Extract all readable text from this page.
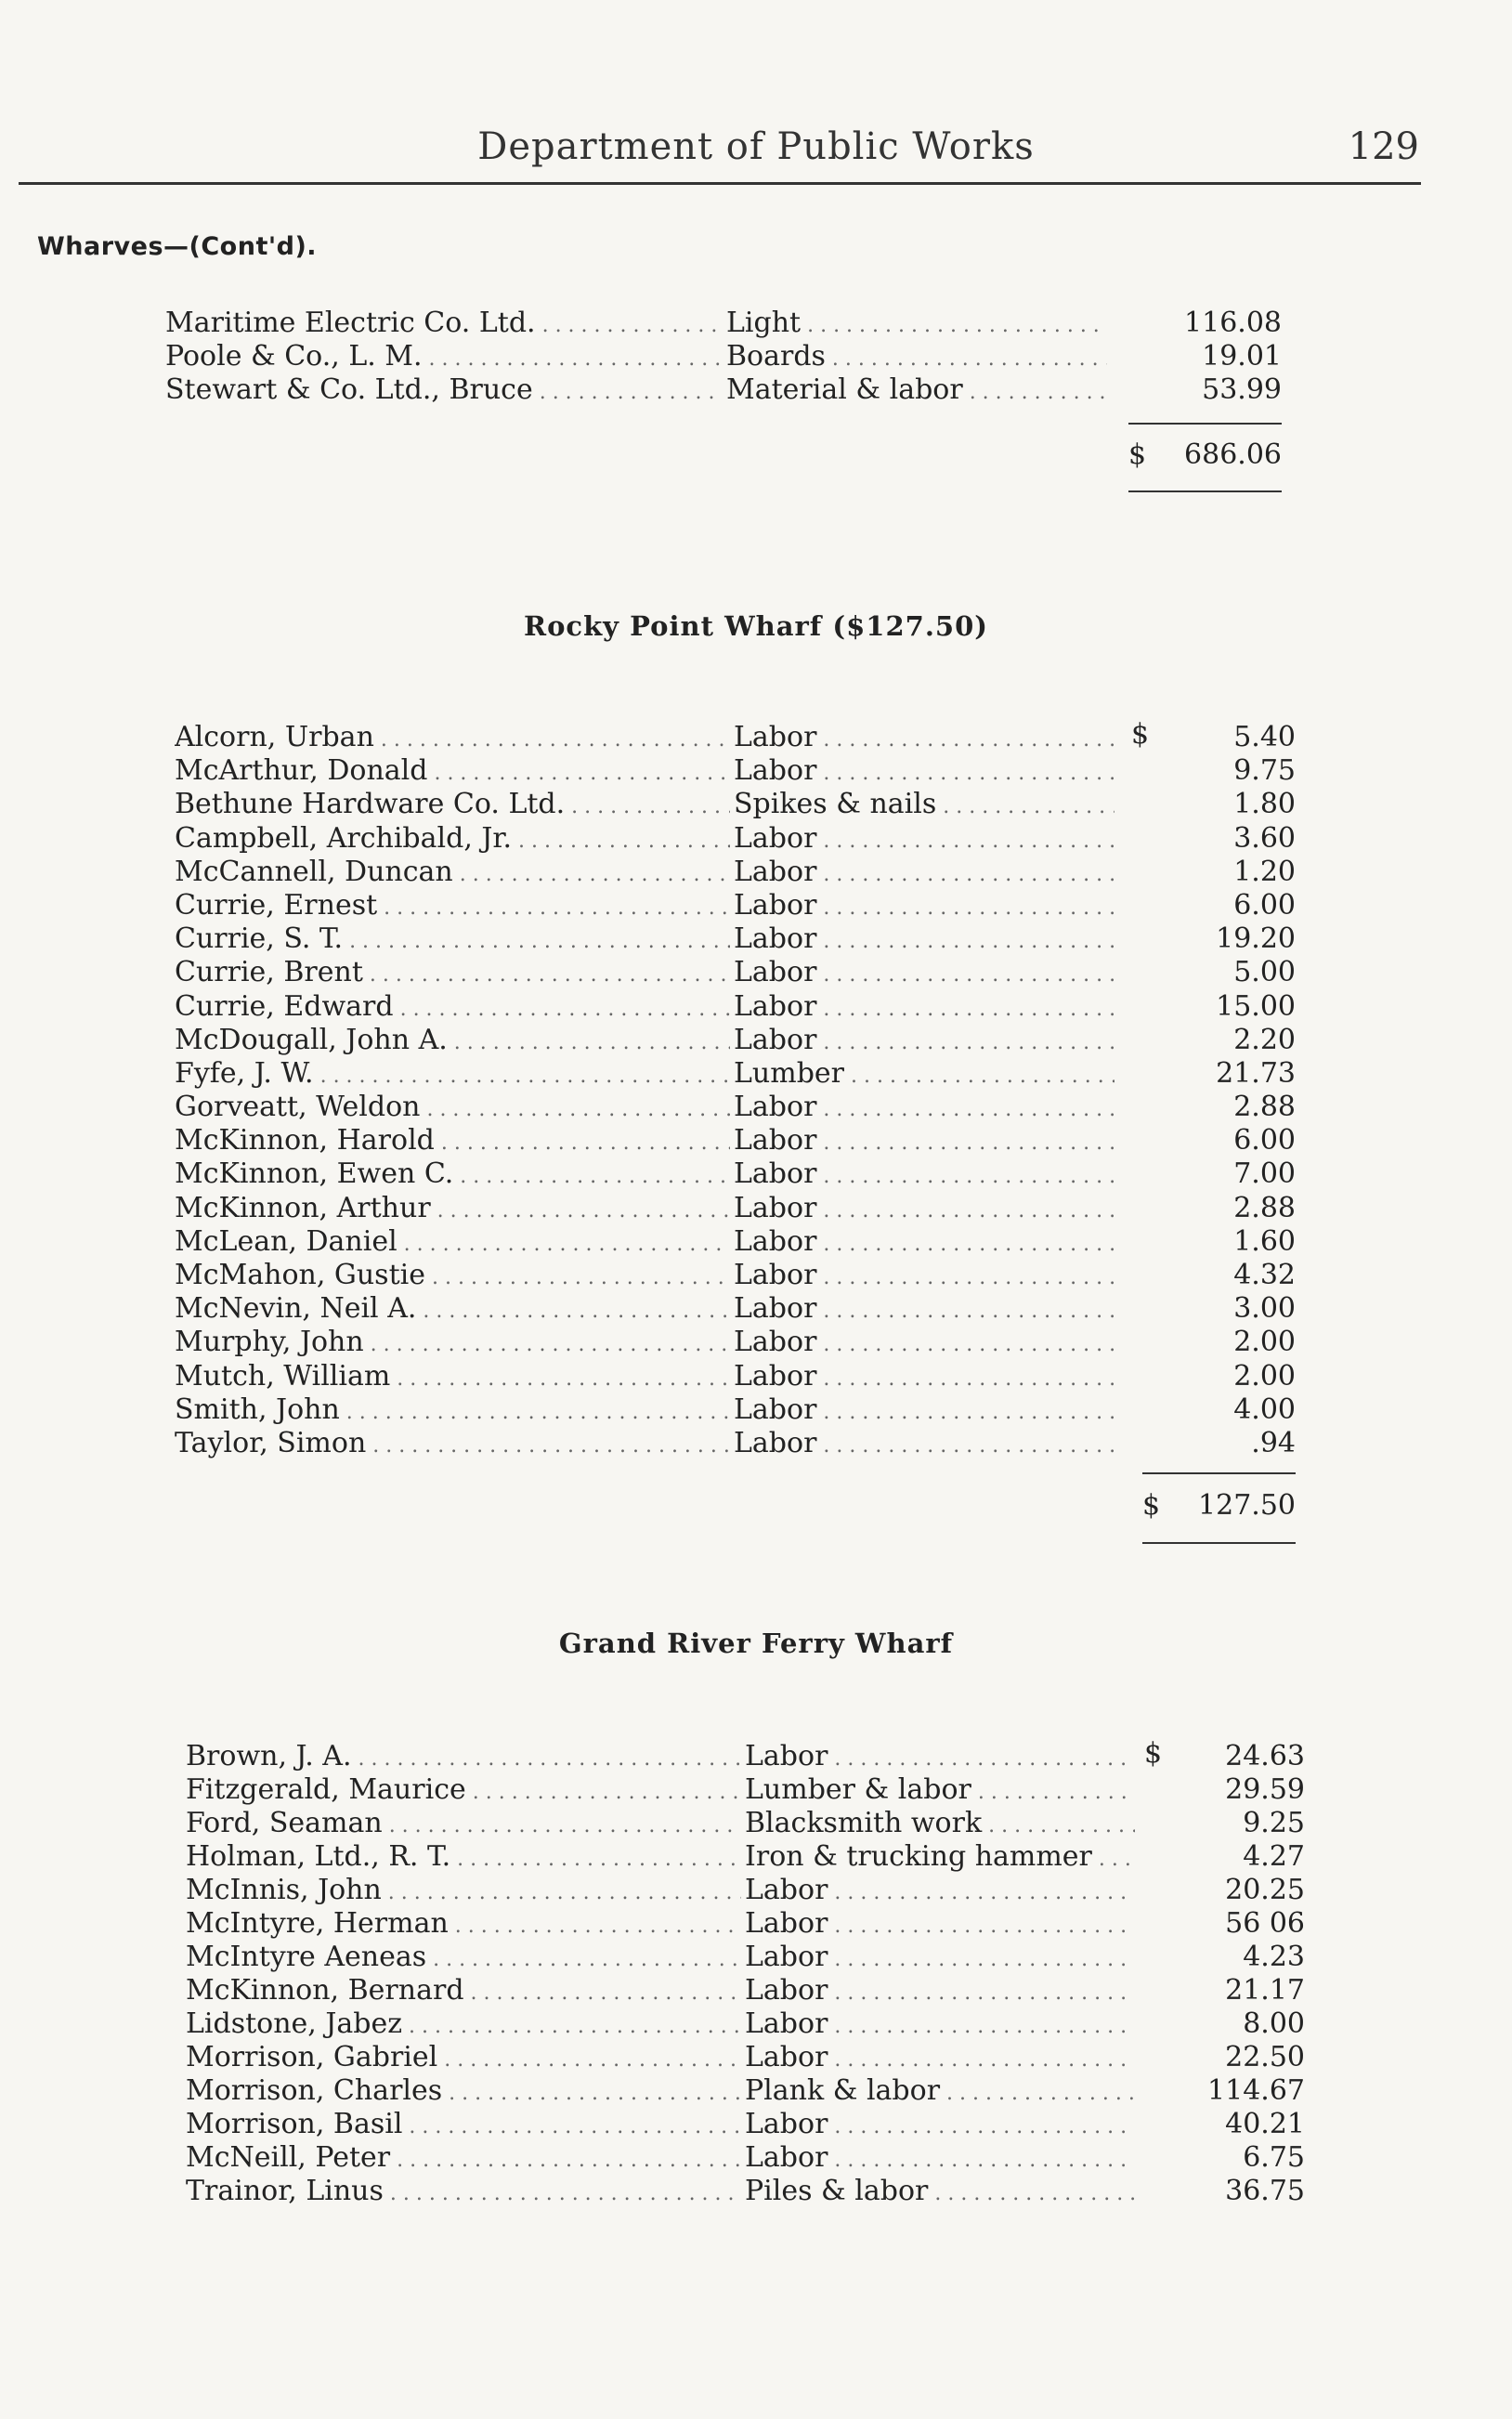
Department of Public Works	129
Wharves—(Cont'd).
Maritime Electric Co. Ltd. . . .	Light . . .	116.08
Poole & Co., L. M. . . .	Boards . . .	19.01
Stewart & Co. Ltd., Bruce . . .	Material & labor . . .	53.99
$	686.06
Rocky Point Wharf ($127.50)
$
Alcorn, Urban . . .	Labor . . .	5.40
McArthur, Donald . . .	Labor . . .	9.75
Bethune Hardware Co. Ltd. . . .	Spikes & nails . . .	1.80
Campbell, Archibald, Jr. . . .	Labor . . .	3.60
McCannell, Duncan . . .	Labor . . .	1.20
Currie, Ernest . . .	Labor . . .	6.00
Currie, S. T. . . .	Labor . . .	19.20
Currie, Brent . . .	Labor . . .	5.00
Currie, Edward . . .	Labor . . .	15.00
McDougall, John A. . . .	Labor . . .	2.20
Fyfe, J. W. . . .	Lumber . . .	21.73
Gorveatt, Weldon . . .	Labor . . .	2.88
McKinnon, Harold . . .	Labor . . .	6.00
McKinnon, Ewen C. . . .	Labor . . .	7.00
McKinnon, Arthur . . .	Labor . . .	2.88
McLean, Daniel . . .	Labor . . .	1.60
McMahon, Gustie . . .	Labor . . .	4.32
McNevin, Neil A. . . .	Labor . . .	3.00
Murphy, John . . .	Labor . . .	2.00
Mutch, William . . .	Labor . . .	2.00
Smith, John . . .	Labor . . .	4.00
Taylor, Simon . . .	Labor . . .	.94
$	127.50
Grand River Ferry Wharf
$
Brown, J. A. . . .	Labor . . .	24.63
Fitzgerald, Maurice . . .	Lumber & labor . . .	29.59
Ford, Seaman . . .	Blacksmith work . . .	9.25
Holman, Ltd., R. T. . . .	Iron & trucking hammer . . .	4.27
McInnis, John . . .	Labor . . .	20.25
McIntyre, Herman . . .	Labor . . .	56 06
McIntyre Aeneas . . .	Labor . . .	4.23
McKinnon, Bernard . . .	Labor . . .	21.17
Lidstone, Jabez . . .	Labor . . .	8.00
Morrison, Gabriel . . .	Labor . . .	22.50
Morrison, Charles . . .	Plank & labor . . .	114.67
Morrison, Basil . . .	Labor . . .	40.21
McNeill, Peter . . .	Labor . . .	6.75
Trainor, Linus . . .	Piles & labor . . .	36.75
